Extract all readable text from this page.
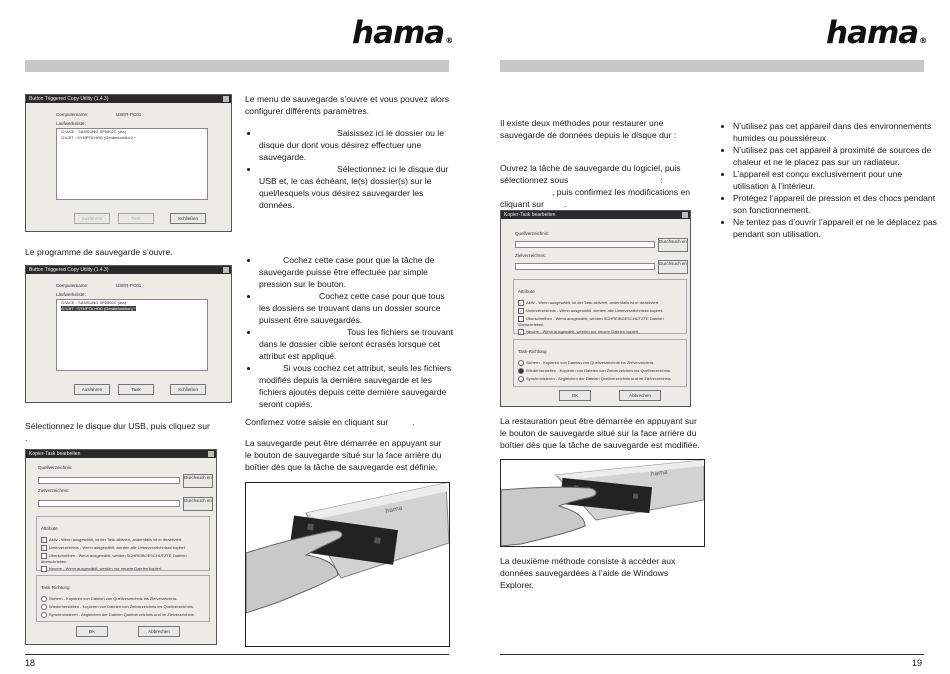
hama®	hama®
Button Triggered Copy Utility (1.4.3)
Computername:	USER-PC01
Laufwerksliste:
G:\ACE · SAMSUNG SP0802C (ata)
G:\LBT · SYMPTA HDD (Gerätefunktion) *
Ausführen	Task	Schließen

Le programme de sauvegarde s’ouvre.

Button Triggered Copy Utility (1.4.3)
Computername:	USER-PC01
Laufwerksliste:
G:\ACE · SAMSUNG SP0802C (ata)
G:\LBT · SYMPTA HDD (Gerätefunktion) *
Ausführen	Task	Schließen

Sélectionnez le disque dur USB, puis cliquez sur
.

Kopier-Task bearbeiten
Quellverzeichnis:
Durchsuch en
Zielverzeichnis:
Durchsuch en
Attribute
✓ Aktiv - Wenn ausgewählt, ist der Task aktiviert, andernfalls ist er deaktiviert.
✓ Unterverzeichnis - Wenn ausgewählt, werden alle Unterverzeichnisse kopiert.
Überschreiben - Wenn ausgewählt, werden SCHREIBGESCHÜTZTE Dateien überschrieben.
Neuere - Wenn ausgewählt, werden nur neuere Dateien kopiert.
Task-Richtung
Sichern - Kopieren von Dateien von Quellverzeichnis ins Zielverzeichnis.
Wiederherstellen - Kopieren von Dateien von Zielverzeichnis ins Quellverzeichnis.
Synchronisieren - Abgleichen der Dateien Quellverzeichnis und im Zielverzeichnis.
OK	Abbrechen

Le menu de sauvegarde s’ouvre et vous pouvez alors configurer différents paramètres.

• Saisissez ici le dossier ou le disque dur dont vous désirez effectuer une sauvegarde.
• Sélectionnez ici le disque dur USB et, le cas échéant, le(s) dossier(s) sur le quel/lesquels vous désirez sauvegarder les données.
• Cochez cette case pour que la tâche de sauvegarde puisse être effectuée par simple pression sur le bouton.
• Cochez cette case pour que tous les dossiers se trouvant dans un dossier source puissent être sauvegardés.
• Tous les fichiers se trouvant dans le dossier cible seront écrasés lorsque cet attribut est appliqué.
• Si vous cochez cet attribut, seuls les fichiers modifiés depuis la dernière sauvegarde et les fichiers ajoutés depuis cette dernière sauvegarde seront copiés.

Confirmez votre saisie en cliquant sur	.

La sauvegarde peut être démarrée en appuyant sur le bouton de sauvegarde situé sur la face arrière du boîtier dès que la tâche de sauvegarde est définie.

hama
18

Il existe deux méthodes pour restaurer une sauvegarde de données depuis le disque dur :

Ouvrez la tâche de sauvegarde du logiciel, puis sélectionnez sous	: , puis confirmez les modifications en cliquant sur .

Kopier-Task bearbeiten
Quellverzeichnis:
Durchsuch en
Zielverzeichnis:
Durchsuch en
Attribute
✓ Aktiv - Wenn ausgewählt, ist der Task aktiviert, andernfalls ist er deaktiviert.
✓ Unterverzeichnis - Wenn ausgewählt, werden alle Unterverzeichnisse kopiert.
Überschreiben - Wenn ausgewählt, werden SCHREIBGESCHÜTZTE Dateien überschrieben.
✓ Neuere - Wenn ausgewählt, werden nur neuere Dateien kopiert.
Task-Richtung
Sichern - Kopieren von Dateien von Quellverzeichnis ins Zielverzeichnis.
Wiederherstellen - Kopieren von Dateien von Zielverzeichnis ins Quellverzeichnis.
Synchronisieren - Abgleichen der Dateien Quellverzeichnis und im Zielverzeichnis.
OK	Abbrechen

La restauration peut être démarrée en appuyant sur le bouton de sauvegarde situé sur la face arrière du boîtier dès que la tâche de sauvegarde est modifiée.

hama

La deuxième méthode consiste à accéder aux données sauvegardées à l’aide de Windows Explorer.

• N’utilisez pas cet appareil dans des environnements humides ou poussiéreux
• N’utilisez pas cet appareil à proximité de sources de chaleur et ne le placez pas sur un radiateur.
• L’appareil est conçu exclusivement pour une utilisation à l’intérieur.
• Protégez l’appareil de pression et des chocs pendant son fonctionnement.
• Ne tentez pas d’ouvrir l’appareil et ne le déplacez pas pendant son utilisation.
19
